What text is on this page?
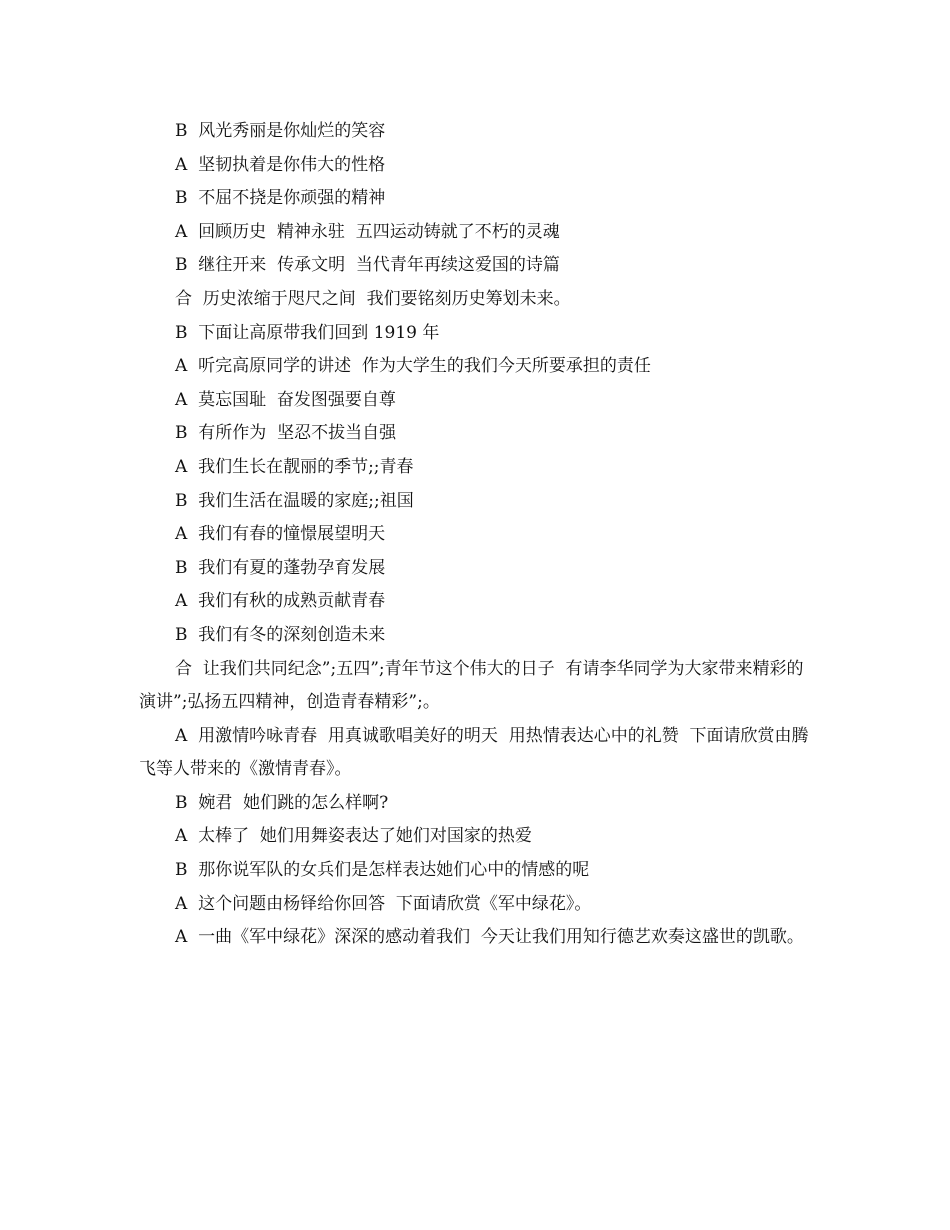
B  风光秀丽是你灿烂的笑容

A  坚韧执着是你伟大的性格

B  不屈不挠是你顽强的精神

A  回顾历史  精神永驻  五四运动铸就了不朽的灵魂

B  继往开来  传承文明  当代青年再续这爱国的诗篇

合  历史浓缩于咫尺之间  我们要铭刻历史筹划未来。

B  下面让高原带我们回到 1919 年

A  听完高原同学的讲述  作为大学生的我们今天所要承担的责任

A  莫忘国耻  奋发图强要自尊

B  有所作为  坚忍不拔当自强

A  我们生长在靓丽的季节;;青春

B  我们生活在温暖的家庭;;祖国

A  我们有春的憧憬展望明天

B  我们有夏的蓬勃孕育发展

A  我们有秋的成熟贡献青春

B  我们有冬的深刻创造未来

合  让我们共同纪念”;五四”;青年节这个伟大的日子  有请李华同学为大家带来精彩的 演讲”;弘扬五四精神，创造青春精彩”;。

A  用激情吟咏青春  用真诚歌唱美好的明天  用热情表达心中的礼赞  下面请欣赏由腾 飞等人带来的《激情青春》。

B  婉君  她们跳的怎么样啊?

A  太棒了  她们用舞姿表达了她们对国家的热爱

B  那你说军队的女兵们是怎样表达她们心中的情感的呢

A  这个问题由杨铎给你回答  下面请欣赏《军中绿花》。

A  一曲《军中绿花》深深的感动着我们  今天让我们用知行德艺欢奏这盛世的凯歌。
